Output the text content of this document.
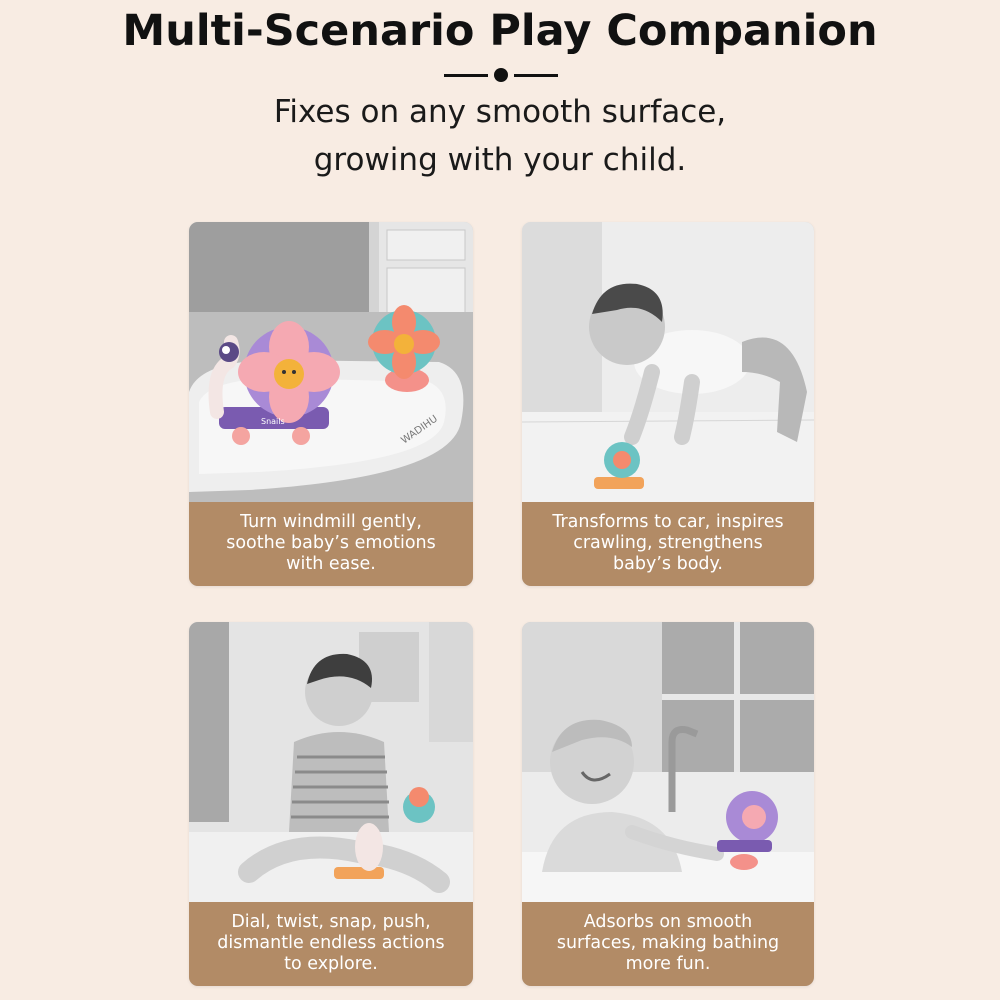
Multi-Scenario Play Companion
Fixes on any smooth surface,
growing with your child.
WADIHU
Snails
Turn windmill gently,
soothe baby’s emotions
with ease.
Transforms to car, inspires
crawling, strengthens
baby’s body.
Dial, twist, snap, push,
dismantle endless actions
to explore.
Adsorbs on smooth
surfaces, making bathing
more fun.
